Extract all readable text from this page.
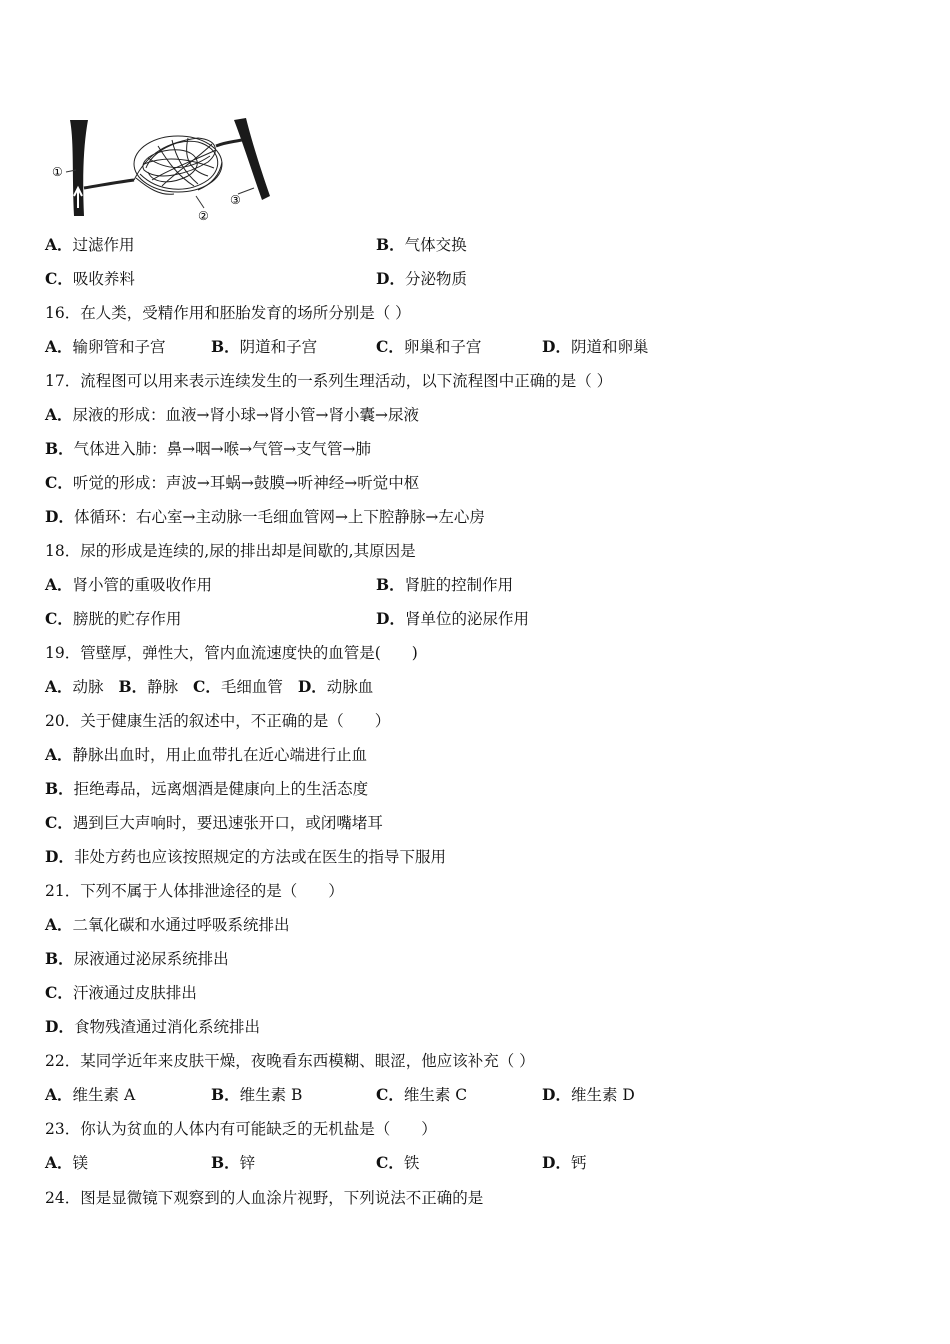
①
②
③
A．过滤作用	B．气体交换
C．吸收养料	D．分泌物质
16．在人类，受精作用和胚胎发育的场所分别是（ ）
A．输卵管和子宫	B．阴道和子宫	C．卵巢和子宫	D．阴道和卵巢
17．流程图可以用来表示连续发生的一系列生理活动，以下流程图中正确的是（ ）
A．尿液的形成：血液→肾小球→肾小管→肾小囊→尿液
B．气体进入肺：鼻→咽→喉→气管→支气管→肺
C．听觉的形成：声波→耳蜗→鼓膜→听神经→听觉中枢
D．体循环：右心室→主动脉一毛细血管网→上下腔静脉→左心房
18．尿的形成是连续的,尿的排出却是间歇的,其原因是
A．肾小管的重吸收作用	B．肾脏的控制作用
C．膀胱的贮存作用	D．肾单位的泌尿作用
19．管壁厚，弹性大，管内血流速度快的血管是(　　)
A．动脉 B．静脉 C．毛细血管 D．动脉血
20．关于健康生活的叙述中，不正确的是（　　）
A．静脉出血时，用止血带扎在近心端进行止血
B．拒绝毒品，远离烟酒是健康向上的生活态度
C．遇到巨大声响时，要迅速张开口，或闭嘴堵耳
D．非处方药也应该按照规定的方法或在医生的指导下服用
21．下列不属于人体排泄途径的是（　　）
A．二氧化碳和水通过呼吸系统排出
B．尿液通过泌尿系统排出
C．汗液通过皮肤排出
D．食物残渣通过消化系统排出
22．某同学近年来皮肤干燥，夜晚看东西模糊、眼涩，他应该补充（ ）
A．维生素 A	B．维生素 B	C．维生素 C	D．维生素 D
23．你认为贫血的人体内有可能缺乏的无机盐是（　　）
A．镁	B．锌	C．铁	D．钙
24．图是显微镜下观察到的人血涂片视野，下列说法不正确的是
